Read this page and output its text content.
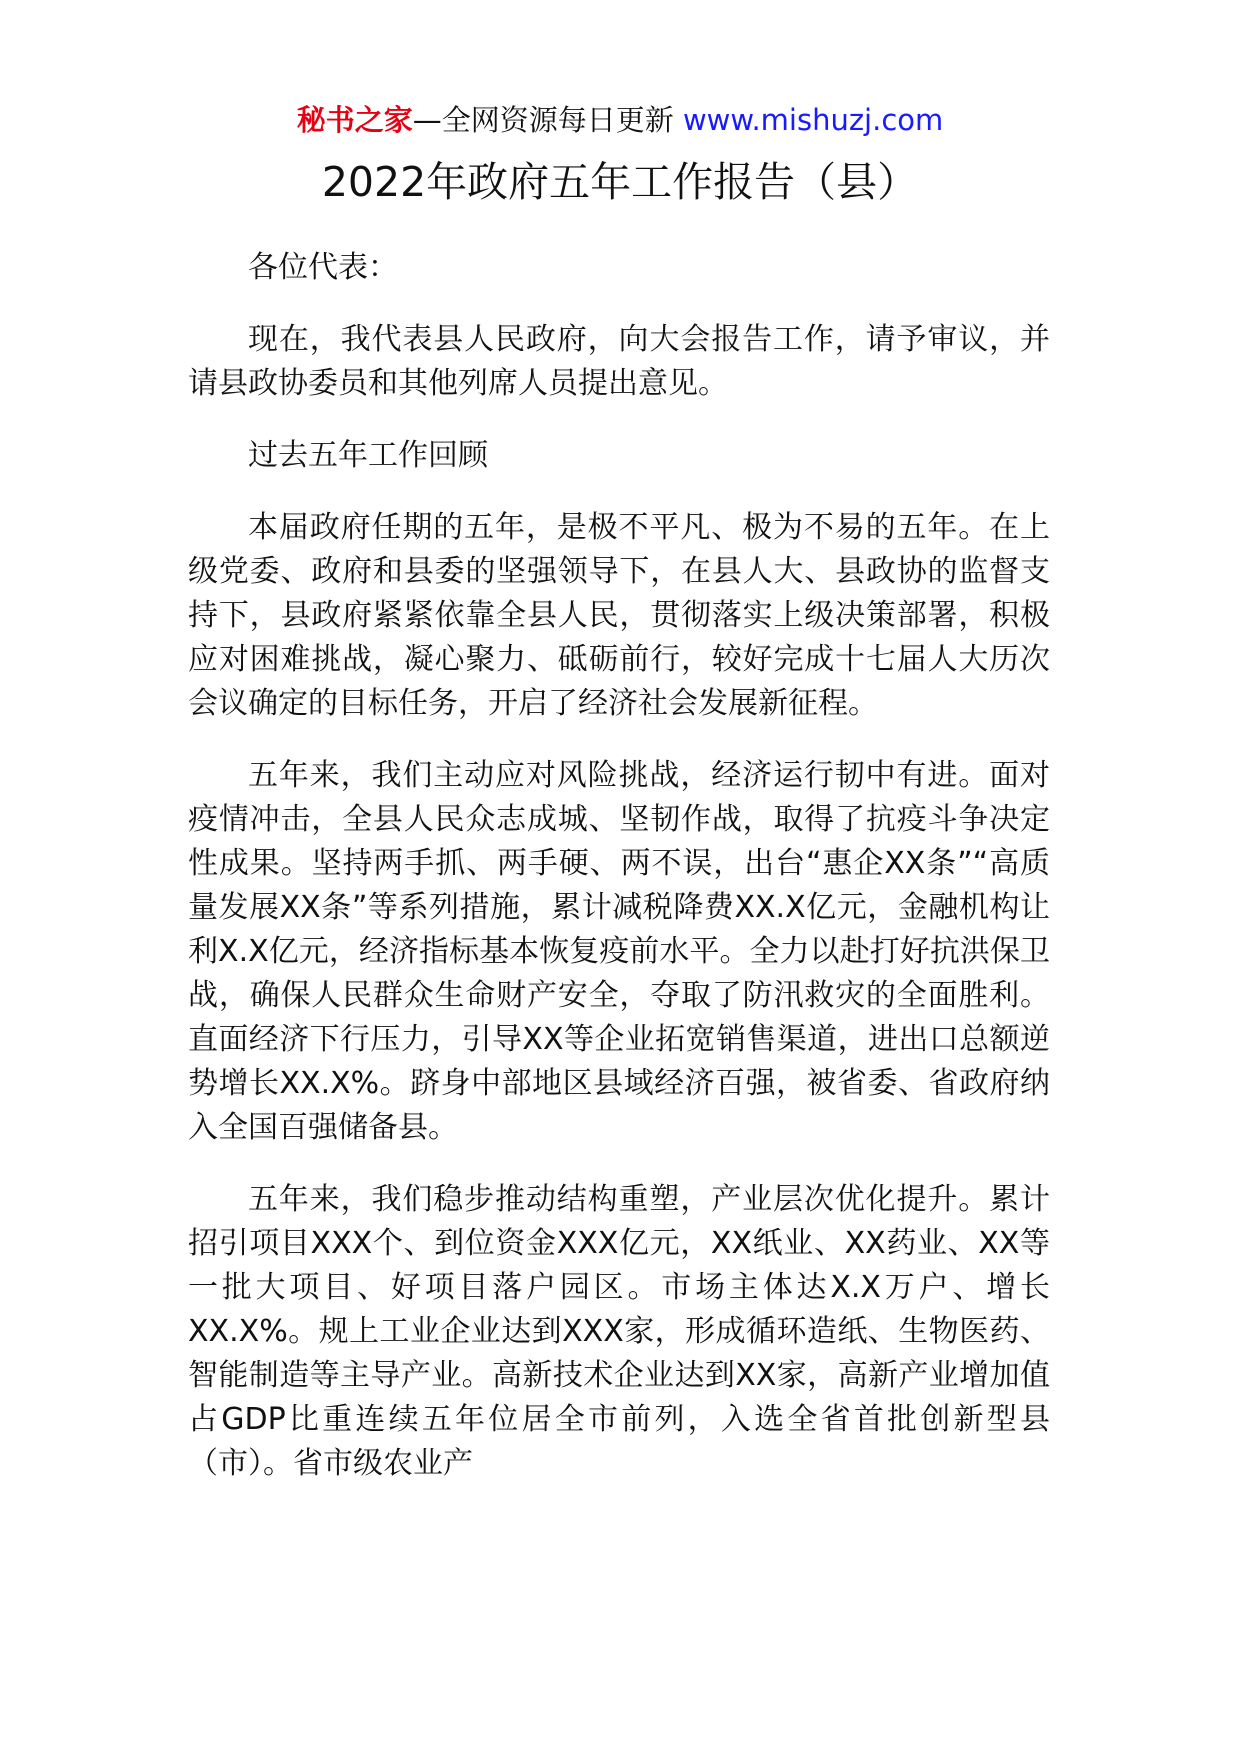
秘书之家—全网资源每日更新 www.mishuzj.com
2022年政府五年工作报告（县）

各位代表：

现在，我代表县人民政府，向大会报告工作，请予审议，并请县政协委员和其他列席人员提出意见。

过去五年工作回顾

本届政府任期的五年，是极不平凡、极为不易的五年。在上级党委、政府和县委的坚强领导下，在县人大、县政协的监督支持下，县政府紧紧依靠全县人民，贯彻落实上级决策部署，积极应对困难挑战，凝心聚力、砥砺前行，较好完成十七届人大历次会议确定的目标任务，开启了经济社会发展新征程。

五年来，我们主动应对风险挑战，经济运行韧中有进。面对疫情冲击，全县人民众志成城、坚韧作战，取得了抗疫斗争决定性成果。坚持两手抓、两手硬、两不误，出台“惠企XX条”“高质量发展XX条”等系列措施，累计减税降费XX.X亿元，金融机构让利X.X亿元，经济指标基本恢复疫前水平。全力以赴打好抗洪保卫战，确保人民群众生命财产安全，夺取了防汛救灾的全面胜利。直面经济下行压力，引导XX等企业拓宽销售渠道，进出口总额逆势增长XX.X%。跻身中部地区县域经济百强，被省委、省政府纳入全国百强储备县。

五年来，我们稳步推动结构重塑，产业层次优化提升。累计招引项目XXX个、到位资金XXX亿元，XX纸业、XX药业、XX等一批大项目、好项目落户园区。市场主体达X.X万户、增长XX.X%。规上工业企业达到XXX家，形成循环造纸、生物医药、智能制造等主导产业。高新技术企业达到XX家，高新产业增加值占GDP比重连续五年位居全市前列，入选全省首批创新型县（市）。省市级农业产
